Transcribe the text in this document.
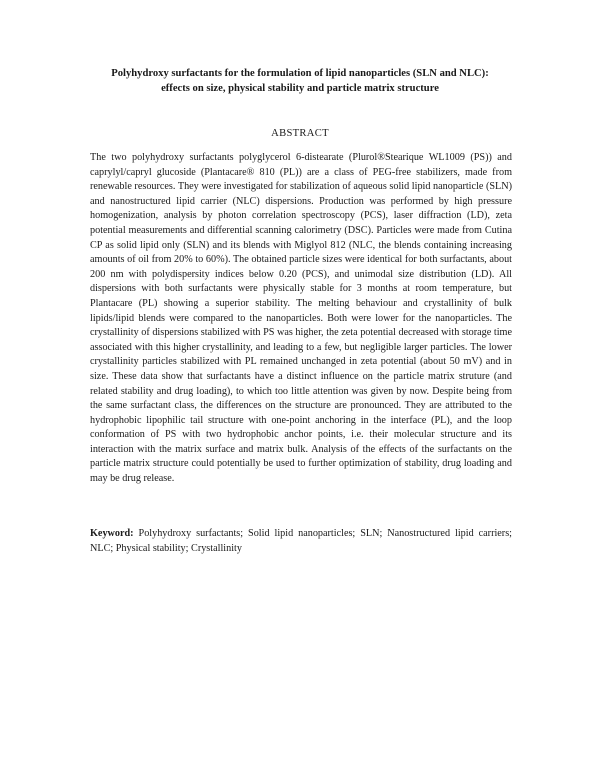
Polyhydroxy surfactants for the formulation of lipid nanoparticles (SLN and NLC):
effects on size, physical stability and particle matrix structure
ABSTRACT

The two polyhydroxy surfactants polyglycerol 6-distearate (Plurol®Stearique WL1009 (PS)) and caprylyl/capryl glucoside (Plantacare® 810 (PL)) are a class of PEG-free stabilizers, made from renewable resources. They were investigated for stabilization of aqueous solid lipid nanoparticle (SLN) and nanostructured lipid carrier (NLC) dispersions. Production was performed by high pressure homogenization, analysis by photon correlation spectroscopy (PCS), laser diffraction (LD), zeta potential measurements and differential scanning calorimetry (DSC). Particles were made from Cutina CP as solid lipid only (SLN) and its blends with Miglyol 812 (NLC, the blends containing increasing amounts of oil from 20% to 60%). The obtained particle sizes were identical for both surfactants, about 200 nm with polydispersity indices below 0.20 (PCS), and unimodal size distribution (LD). All dispersions with both surfactants were physically stable for 3 months at room temperature, but Plantacare (PL) showing a superior stability. The melting behaviour and crystallinity of bulk lipids/lipid blends were compared to the nanoparticles. Both were lower for the nanoparticles. The crystallinity of dispersions stabilized with PS was higher, the zeta potential decreased with storage time associated with this higher crystallinity, and leading to a few, but negligible larger particles. The lower crystallinity particles stabilized with PL remained unchanged in zeta potential (about 50 mV) and in size. These data show that surfactants have a distinct influence on the particle matrix struture (and related stability and drug loading), to which too little attention was given by now. Despite being from the same surfactant class, the differences on the structure are pronounced. They are attributed to the hydrophobic lipophilic tail structure with one-point anchoring in the interface (PL), and the loop conformation of PS with two hydrophobic anchor points, i.e. their molecular structure and its interaction with the matrix surface and matrix bulk. Analysis of the effects of the surfactants on the particle matrix structure could potentially be used to further optimization of stability, drug loading and may be drug release.

Keyword: Polyhydroxy surfactants; Solid lipid nanoparticles; SLN; Nanostructured lipid carriers; NLC; Physical stability; Crystallinity
